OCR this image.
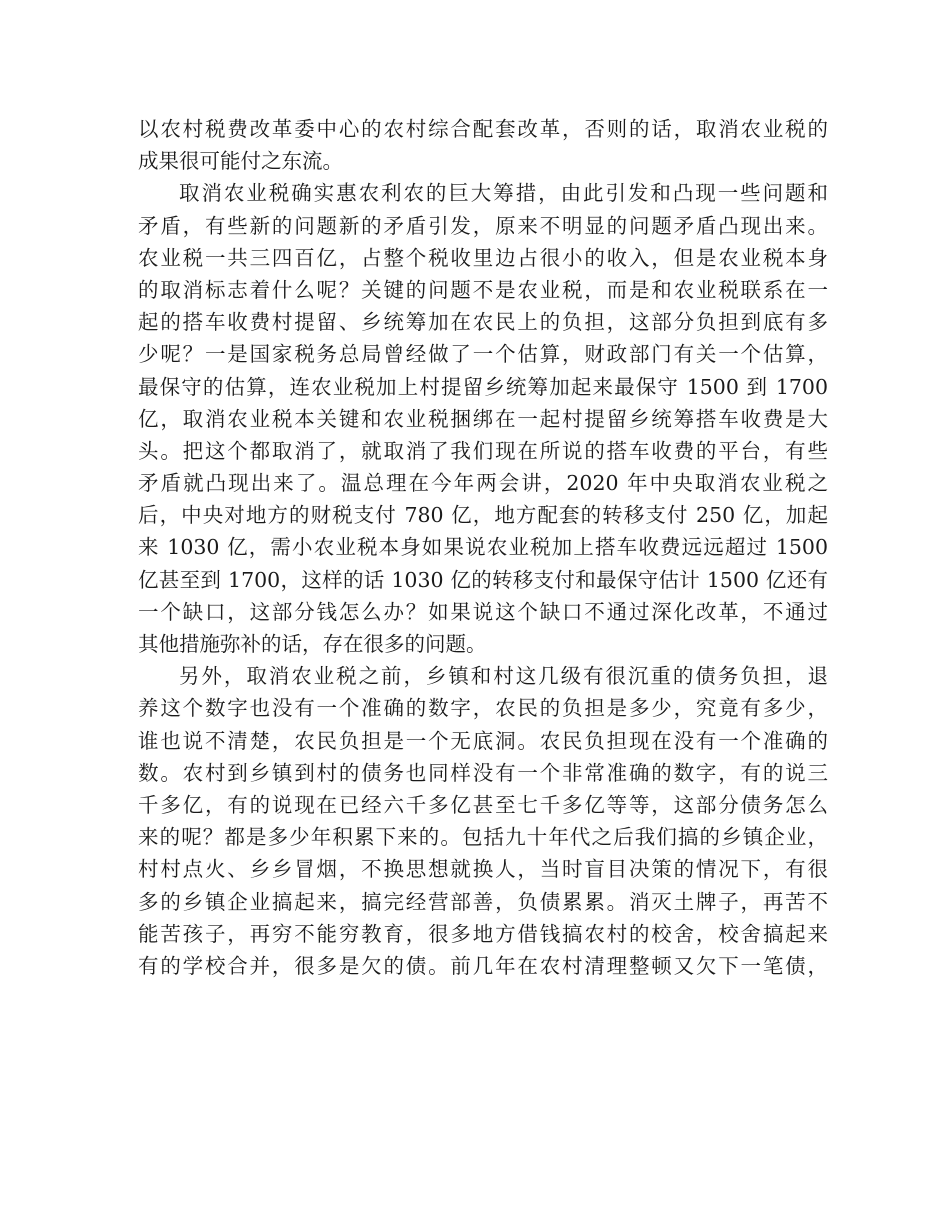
以农村税费改革委中心的农村综合配套改革，否则的话，取消农业税的
成果很可能付之东流。
取消农业税确实惠农利农的巨大筹措，由此引发和凸现一些问题和
矛盾，有些新的问题新的矛盾引发，原来不明显的问题矛盾凸现出来。
农业税一共三四百亿，占整个税收里边占很小的收入，但是农业税本身
的取消标志着什么呢？关键的问题不是农业税，而是和农业税联系在一
起的搭车收费村提留、乡统筹加在农民上的负担，这部分负担到底有多
少呢？一是国家税务总局曾经做了一个估算，财政部门有关一个估算，
最保守的估算，连农业税加上村提留乡统筹加起来最保守 1500 到 1700
亿，取消农业税本关键和农业税捆绑在一起村提留乡统筹搭车收费是大
头。把这个都取消了，就取消了我们现在所说的搭车收费的平台，有些
矛盾就凸现出来了。温总理在今年两会讲，2020 年中央取消农业税之
后，中央对地方的财税支付 780 亿，地方配套的转移支付 250 亿，加起
来 1030 亿，需小农业税本身如果说农业税加上搭车收费远远超过 1500
亿甚至到 1700，这样的话 1030 亿的转移支付和最保守估计 1500 亿还有
一个缺口，这部分钱怎么办？如果说这个缺口不通过深化改革，不通过
其他措施弥补的话，存在很多的问题。
另外，取消农业税之前，乡镇和村这几级有很沉重的债务负担，退
养这个数字也没有一个准确的数字，农民的负担是多少，究竟有多少，
谁也说不清楚，农民负担是一个无底洞。农民负担现在没有一个准确的
数。农村到乡镇到村的债务也同样没有一个非常准确的数字，有的说三
千多亿，有的说现在已经六千多亿甚至七千多亿等等，这部分债务怎么
来的呢？都是多少年积累下来的。包括九十年代之后我们搞的乡镇企业，
村村点火、乡乡冒烟，不换思想就换人，当时盲目决策的情况下，有很
多的乡镇企业搞起来，搞完经营部善，负债累累。消灭土牌子，再苦不
能苦孩子，再穷不能穷教育，很多地方借钱搞农村的校舍，校舍搞起来
有的学校合并，很多是欠的债。前几年在农村清理整顿又欠下一笔债，
